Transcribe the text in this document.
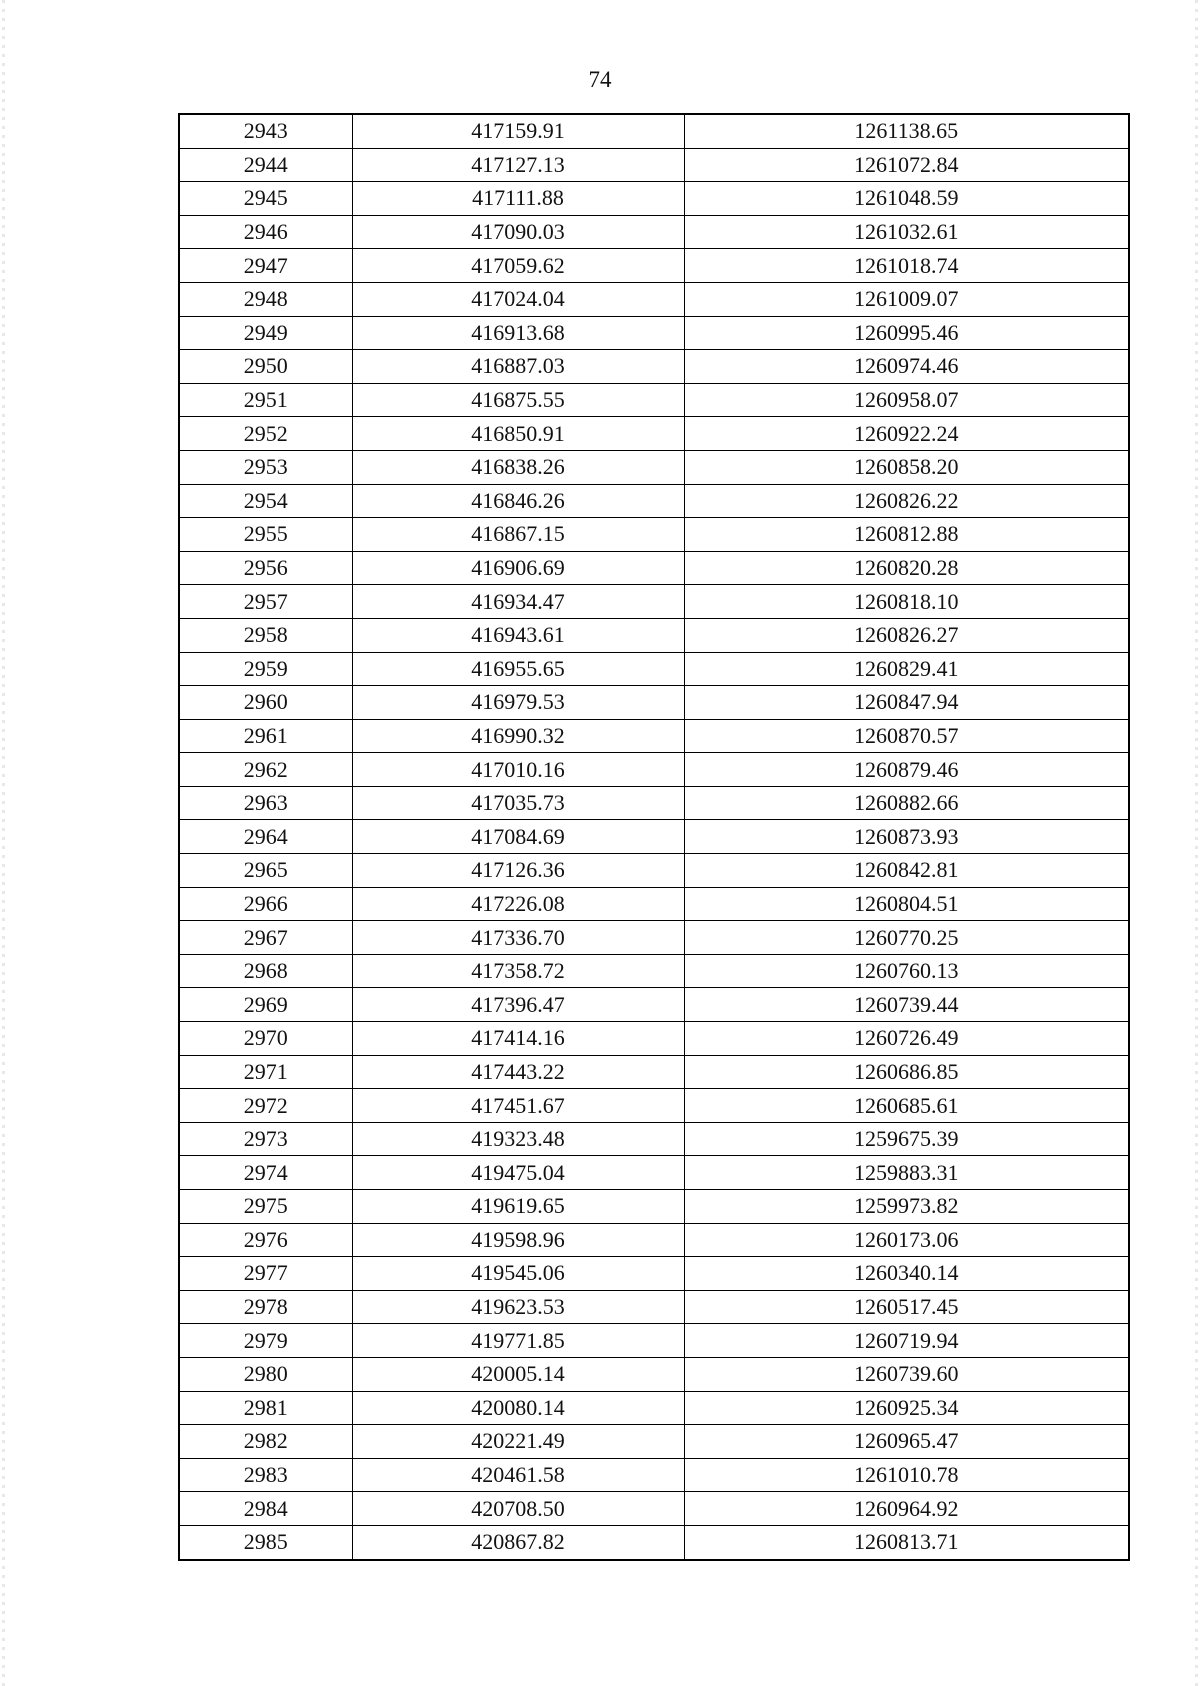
74
2943	417159.91	1261138.65
2944	417127.13	1261072.84
2945	417111.88	1261048.59
2946	417090.03	1261032.61
2947	417059.62	1261018.74
2948	417024.04	1261009.07
2949	416913.68	1260995.46
2950	416887.03	1260974.46
2951	416875.55	1260958.07
2952	416850.91	1260922.24
2953	416838.26	1260858.20
2954	416846.26	1260826.22
2955	416867.15	1260812.88
2956	416906.69	1260820.28
2957	416934.47	1260818.10
2958	416943.61	1260826.27
2959	416955.65	1260829.41
2960	416979.53	1260847.94
2961	416990.32	1260870.57
2962	417010.16	1260879.46
2963	417035.73	1260882.66
2964	417084.69	1260873.93
2965	417126.36	1260842.81
2966	417226.08	1260804.51
2967	417336.70	1260770.25
2968	417358.72	1260760.13
2969	417396.47	1260739.44
2970	417414.16	1260726.49
2971	417443.22	1260686.85
2972	417451.67	1260685.61
2973	419323.48	1259675.39
2974	419475.04	1259883.31
2975	419619.65	1259973.82
2976	419598.96	1260173.06
2977	419545.06	1260340.14
2978	419623.53	1260517.45
2979	419771.85	1260719.94
2980	420005.14	1260739.60
2981	420080.14	1260925.34
2982	420221.49	1260965.47
2983	420461.58	1261010.78
2984	420708.50	1260964.92
2985	420867.82	1260813.71
